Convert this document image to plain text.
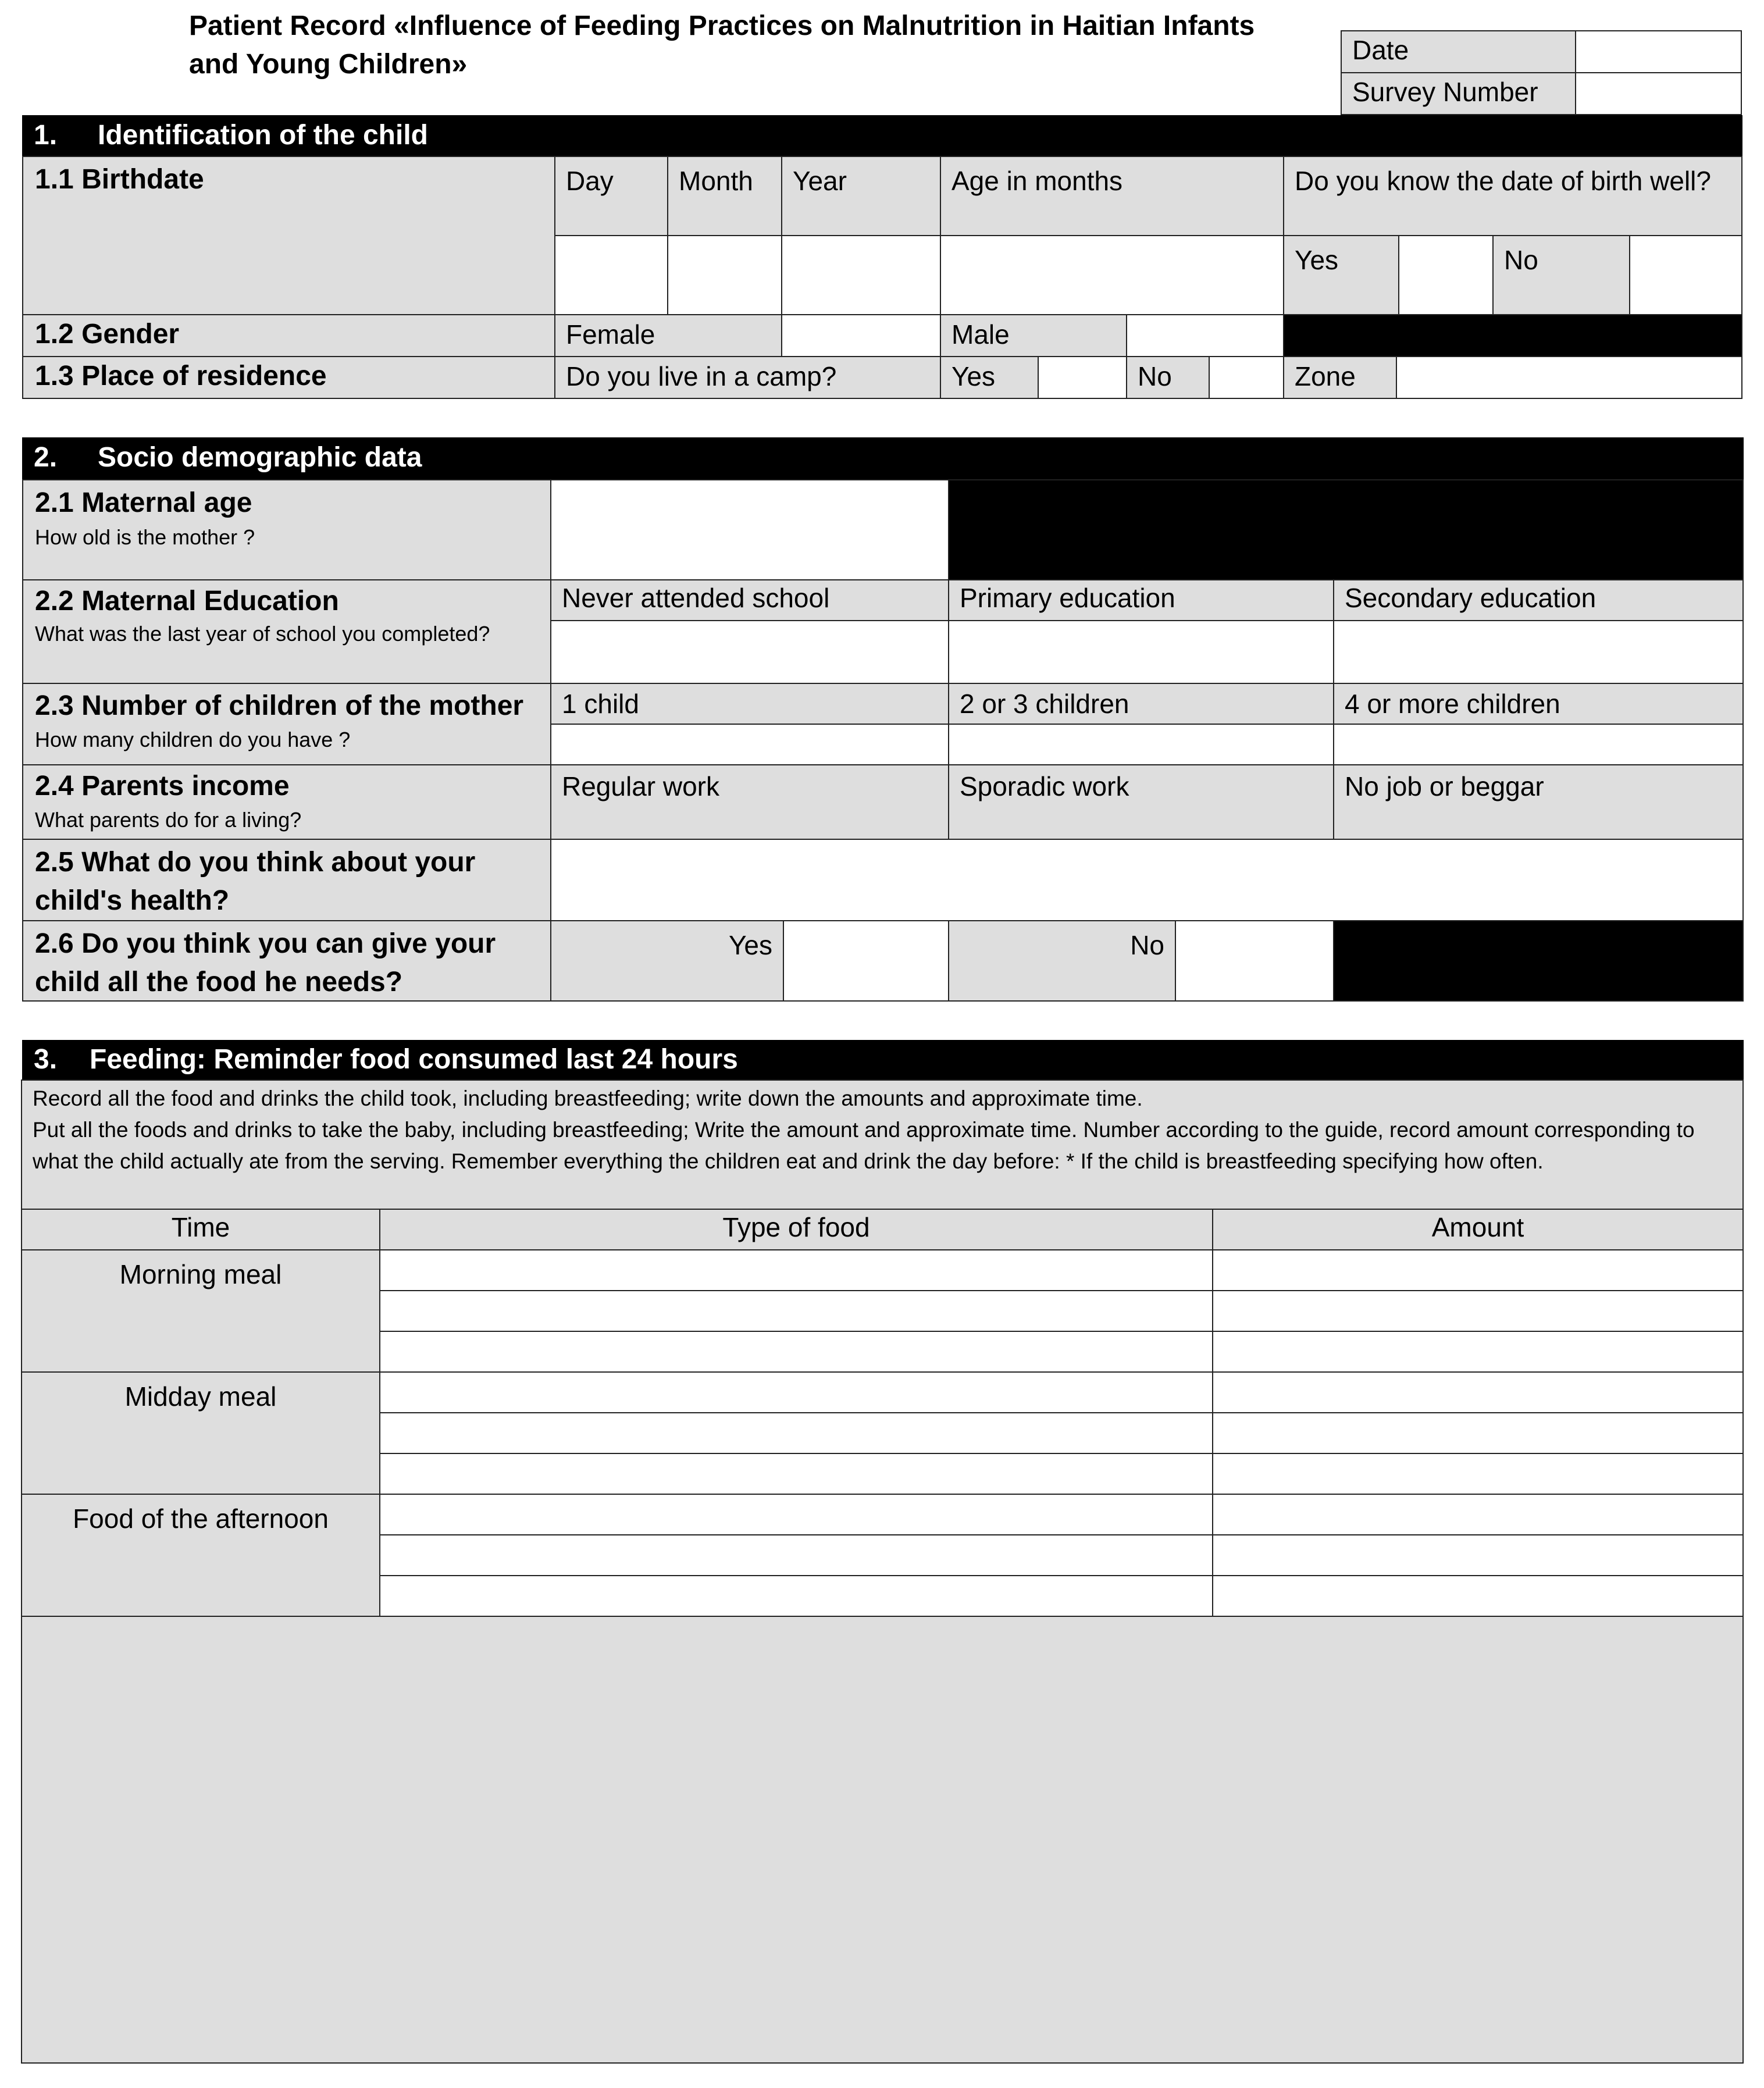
Patient Record «Influence of Feeding Practices on Malnutrition in Haitian Infants and Young Children»	Date
Survey Number
1. Identification of the child
1.1 Birthdate	Day	Month	Year	Age in months	Do you know the date of birth well?
Yes	No
1.2 Gender	Female	Male
1.3 Place of residence	Do you live in a camp?	Yes	No	Zone
2. Socio demographic data
2.1 Maternal age
How old is the mother ?
2.2 Maternal Education
What was the last year of school you completed?
Never attended school	Primary education	Secondary education
2.3 Number of children of the mother
How many children do you have ?
1 child	2 or 3 children	4 or more children
2.4 Parents income
What parents do for a living?
Regular work	Sporadic work	No job or beggar
2.5 What do you think about your child's health?
2.6 Do you think you can give your child all the food he needs?
Yes	No
3. Feeding: Reminder food consumed last 24 hours

Record all the food and drinks the child took, including breastfeeding; write down the amounts and approximate time.

Put all the foods and drinks to take the baby, including breastfeeding; Write the amount and approximate time. Number according to the guide, record amount corresponding to what the child actually ate from the serving. Remember everything the children eat and drink the day before: * If the child is breastfeeding specifying how often.

Time	Type of food	Amount
Morning meal
Midday meal
Food of the afternoon
